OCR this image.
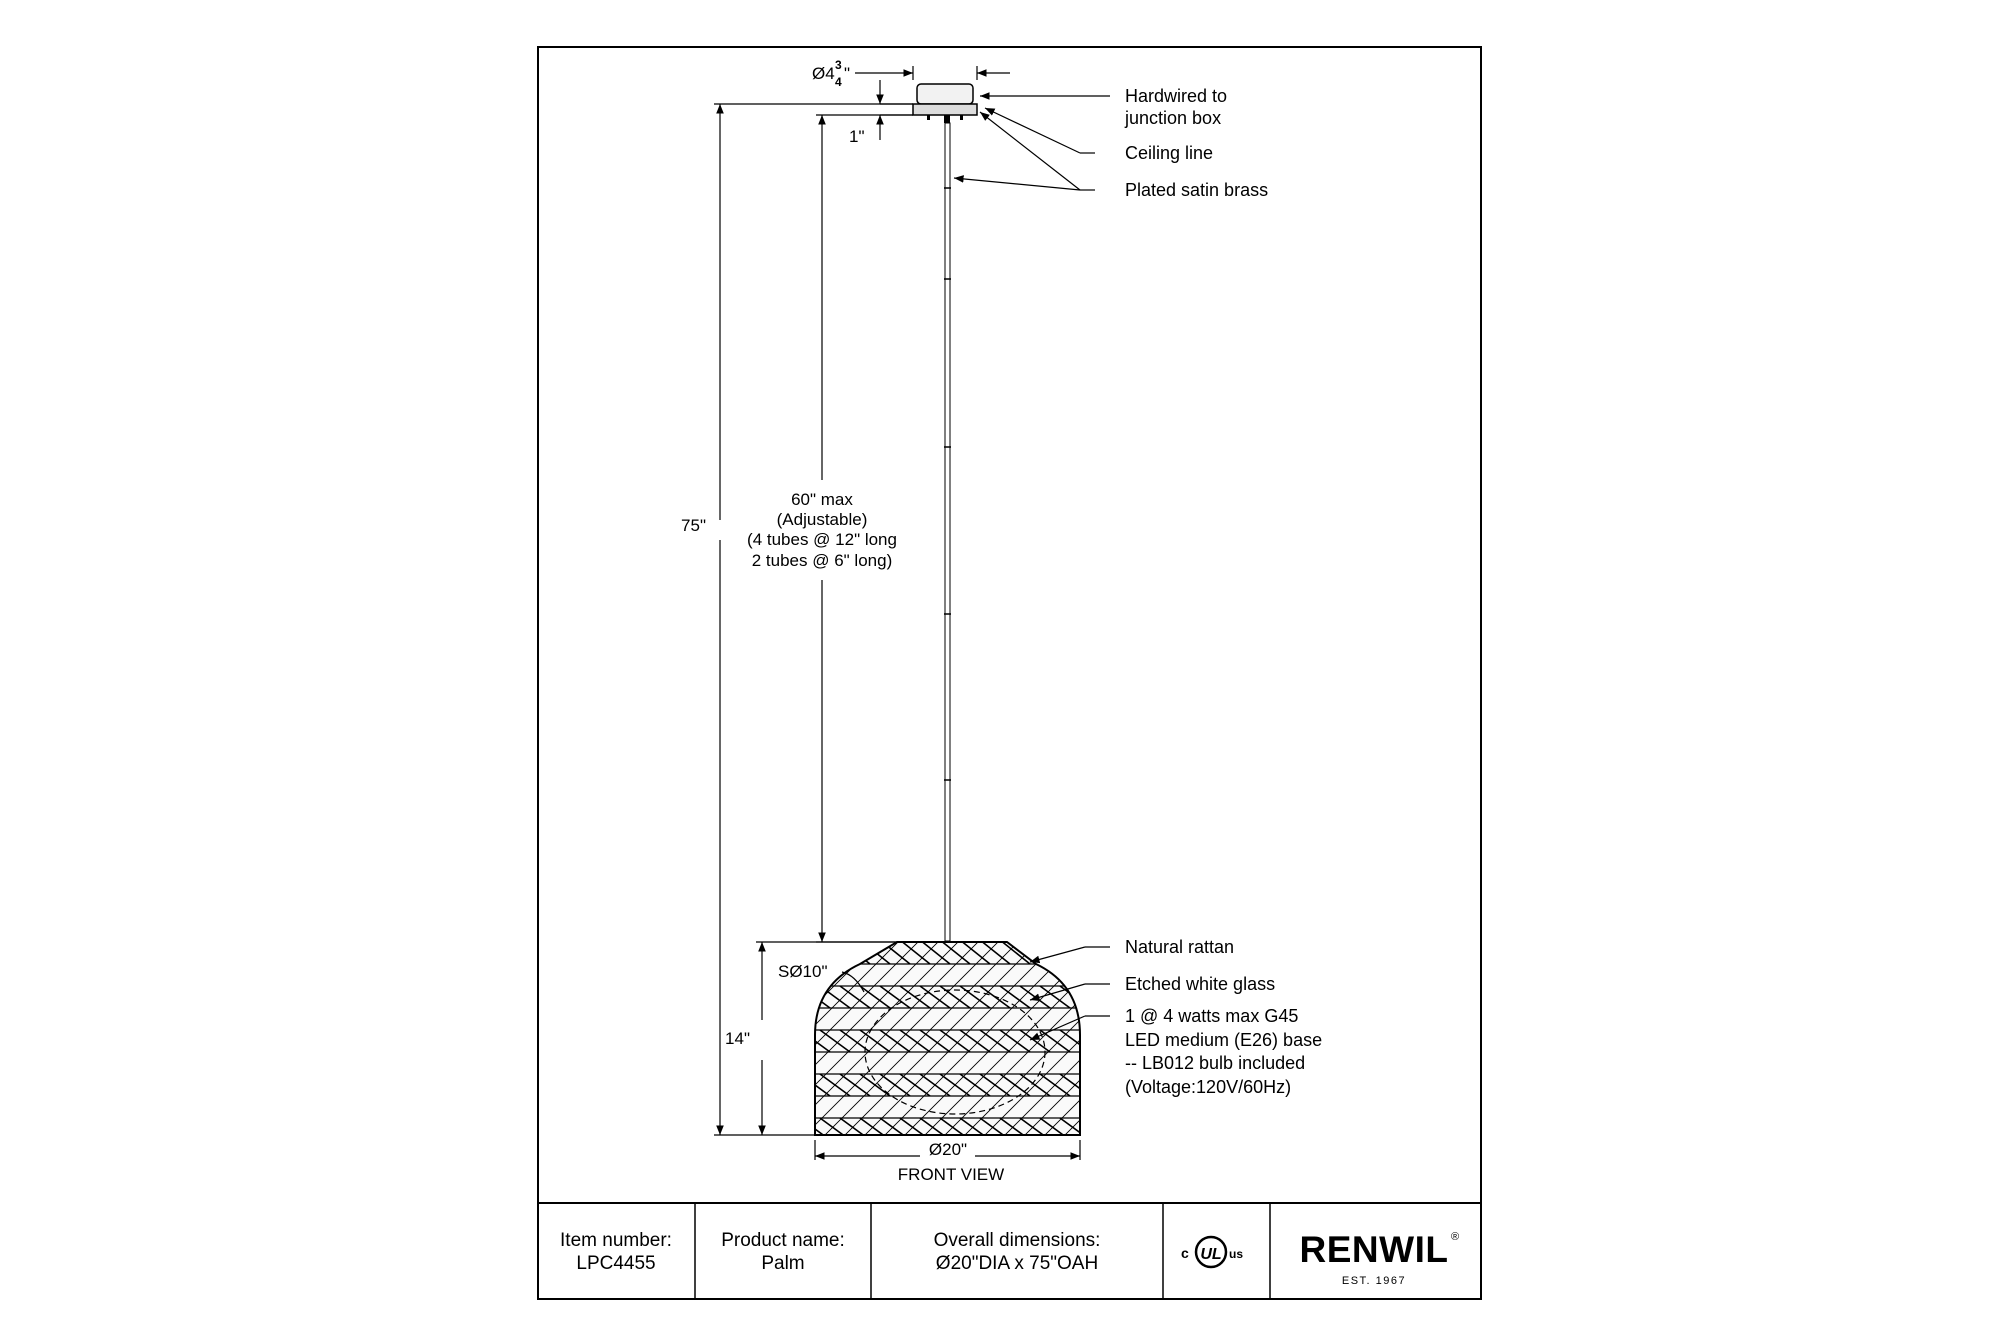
Ø4 3
4 "
1"
75"
60" max
(Adjustable)
(4 tubes @ 12" long
2 tubes @ 6" long)
SØ10"
14"
Ø20"
FRONT VIEW
Hardwired to
junction box
Ceiling line
Plated satin brass
Natural rattan
Etched white glass
1 @ 4 watts max G45
LED medium (E26) base
-- LB012 bulb included
(Voltage:120V/60Hz)
Item number:
LPC4455
Product name:
Palm
Overall dimensions:
Ø20"DIA x 75"OAH	c UL us RENWIL ®
EST. 1967
